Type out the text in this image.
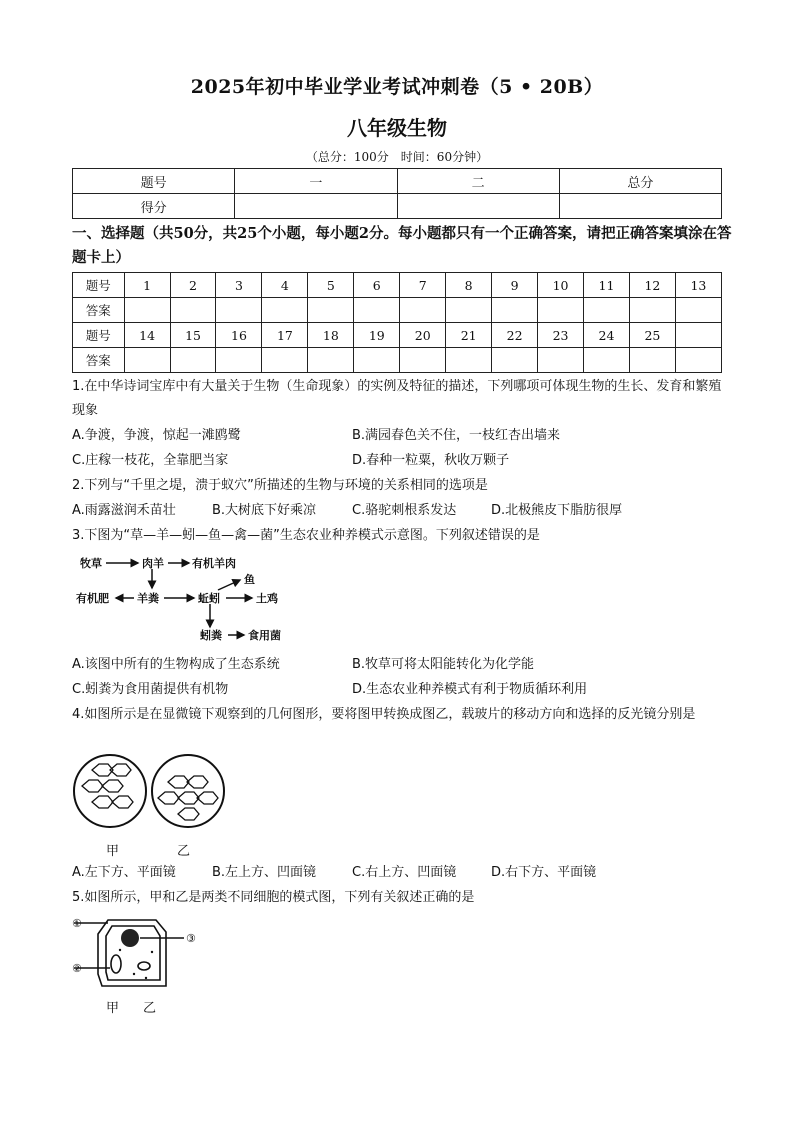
2025年初中毕业学业考试冲刺卷（5 • 20B）
八年级生物
（总分：100分　时间：60分钟）
题号	一	二	总分
得分			
一、选择题（共50分，共25个小题，每小题2分。每小题都只有一个正确答案，请把正确答案填涂在答题卡上）
题号	1	2	3	4	5	6	7	8	9	10	11	12	13
答案													
题号	14	15	16	17	18	19	20	21	22	23	24	25	
答案													
1.在中华诗词宝库中有大量关于生物（生命现象）的实例及特征的描述，下列哪项可体现生物的生长、发育和繁殖现象
A.争渡，争渡，惊起一滩鸥鹭	B.满园春色关不住，一枝红杏出墙来
C.庄稼一枝花，全靠肥当家	D.春种一粒粟，秋收万颗子
2.下列与“千里之堤，溃于蚁穴”所描述的生物与环境的关系相同的选项是
A.雨露滋润禾苗壮	B.大树底下好乘凉	C.骆驼刺根系发达	D.北极熊皮下脂肪很厚
3.下图为“草—羊—蚓—鱼—禽—菌”生态农业种养模式示意图。下列叙述错误的是
牧草	肉羊	有机羊肉
鱼
有机肥	羊粪	蚯蚓	土鸡
蚓粪 食用菌
A.该图中所有的生物构成了生态系统	B.牧草可将太阳能转化为化学能
C.蚓粪为食用菌提供有机物	D.生态农业种养模式有利于物质循环利用
4.如图所示是在显微镜下观察到的几何图形，要将图甲转换成图乙，载玻片的移动方向和选择的反光镜分别是
甲	乙
A.左下方、平面镜	B.左上方、凹面镜	C.右上方、凹面镜	D.右下方、平面镜
5.如图所示，甲和乙是两类不同细胞的模式图，下列有关叙述正确的是
①
②
③
甲 乙
